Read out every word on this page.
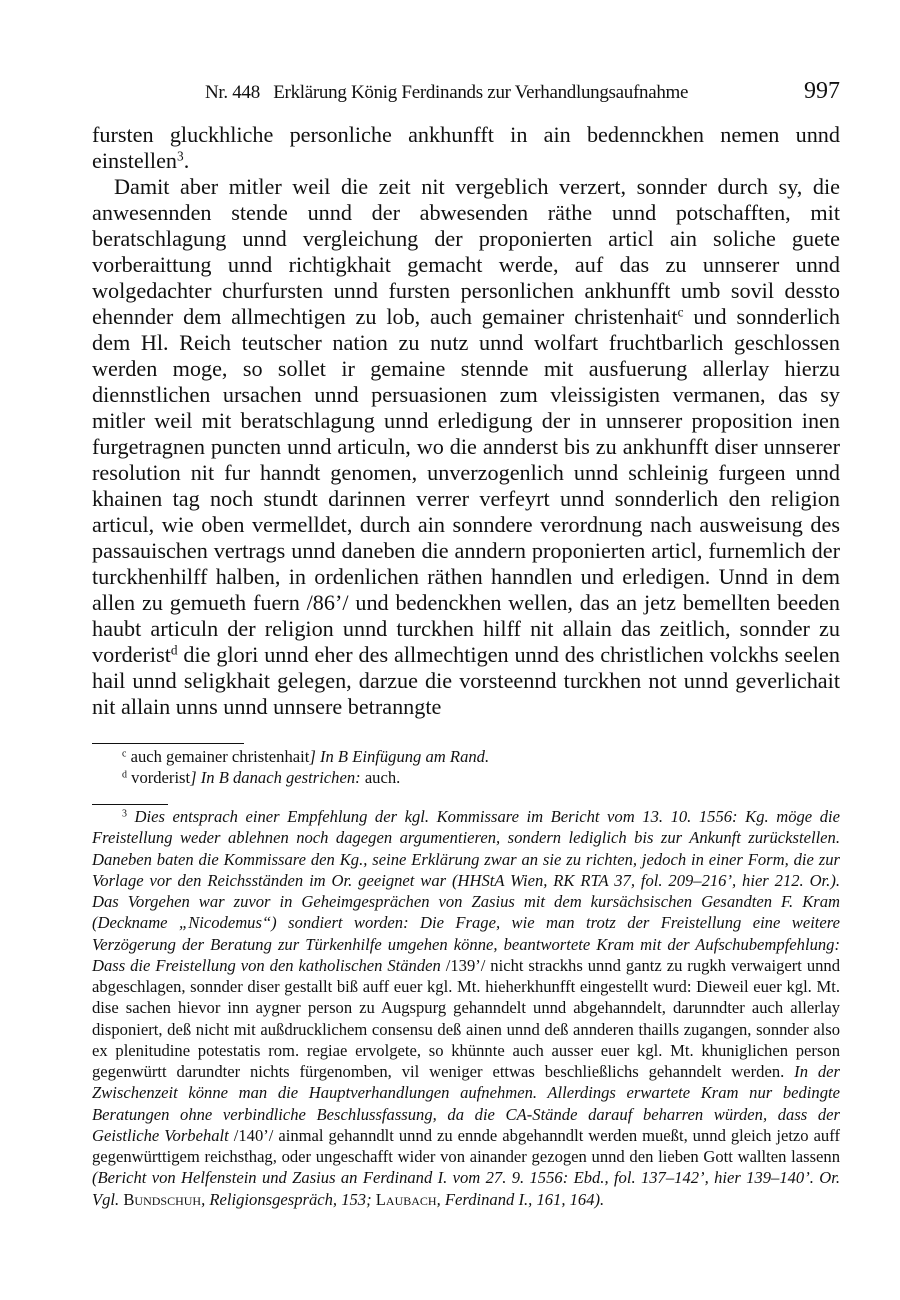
Nr. 448   Erklärung König Ferdinands zur Verhandlungsaufnahme	997

fursten gluckhliche personliche ankhunfft in ain bedennckhen nemen unnd einstellen$^3$.

Damit aber mitler weil die zeit nit vergeblich verzert, sonnder durch sy, die anwesennden stende unnd der abwesenden räthe unnd potschafften, mit beratschlagung unnd vergleichung der proponierten articl ain soliche guete vorberaittung unnd richtigkhait gemacht werde, auf das zu unnserer unnd wolgedachter churfursten unnd fursten personlichen ankhunfft umb sovil dessto ehennder dem allmechtigen zu lob, auch gemainer christenhait$^c$ und sonnderlich dem Hl. Reich teutscher nation zu nutz unnd wolfart fruchtbarlich geschlossen werden moge, so sollet ir gemaine stennde mit ausfuerung allerlay hierzu diennstlichen ursachen unnd persuasionen zum vleissigisten vermanen, das sy mitler weil mit beratschlagung unnd erledigung der in unnserer proposition inen furgetragnen puncten unnd articuln, wo die annderst bis zu ankhunfft diser unnserer resolution nit fur hanndt genomen, unverzogenlich unnd schleinig furgeen unnd khainen tag noch stundt darinnen verrer verfeyrt unnd sonnderlich den religion articul, wie oben vermelldet, durch ain sonndere verordnung nach ausweisung des passauischen vertrags unnd daneben die anndern proponierten articl, furnemlich der turckhenhilff halben, in ordenlichen räthen hanndlen und erledigen. Unnd in dem allen zu gemueth fuern /86’/ und bedenckhen wellen, das an jetz bemellten beeden haubt articuln der religion unnd turckhen hilff nit allain das zeitlich, sonnder zu vorderist$^d$ die glori unnd eher des allmechtigen unnd des christlichen volckhs seelen hail unnd seligkhait gelegen, darzue die vorsteennd turckhen not unnd geverlichait nit allain unns unnd unnsere betranngte

$^c$ auch gemainer christenhait] In B Einfügung am Rand.
$^d$ vorderist] In B danach gestrichen: auch.

$^3$ Dies entsprach einer Empfehlung der kgl. Kommissare im Bericht vom 13. 10. 1556: Kg. möge die Freistellung weder ablehnen noch dagegen argumentieren, sondern lediglich bis zur Ankunft zurückstellen. Daneben baten die Kommissare den Kg., seine Erklärung zwar an sie zu richten, jedoch in einer Form, die zur Vorlage vor den Reichsständen im Or. geeignet war (HHStA Wien, RK RTA 37, fol. 209–216’, hier 212. Or.). Das Vorgehen war zuvor in Geheimgesprächen von Zasius mit dem kursächsischen Gesandten F. Kram (Deckname „Nicodemus“) sondiert worden: Die Frage, wie man trotz der Freistellung eine weitere Verzögerung der Beratung zur Türkenhilfe umgehen könne, beantwortete Kram mit der Aufschubempfehlung: Dass die Freistellung von den katholischen Ständen /139’/ nicht strackhs unnd gantz zu rugkh verwaigert unnd abgeschlagen, sonnder diser gestallt biß auff euer kgl. Mt. hieherkhunfft eingestellt wurd: Dieweil euer kgl. Mt. dise sachen hievor inn aygner person zu Augspurg gehanndelt unnd abgehanndelt, darunndter auch allerlay disponiert, deß nicht mit außdrucklichem consensu deß ainen unnd deß annderen thaills zugangen, sonnder also ex plenitudine potestatis rom. regiae ervolgete, so khünnte auch ausser euer kgl. Mt. khuniglichen person gegenwürtt darundter nichts fürgenomben, vil weniger ettwas beschließlichs gehanndelt werden. In der Zwischenzeit könne man die Hauptverhandlungen aufnehmen. Allerdings erwartete Kram nur bedingte Beratungen ohne verbindliche Beschlussfassung, da die CA-Stände darauf beharren würden, dass der Geistliche Vorbehalt /140’/ ainmal gehanndlt unnd zu ennde abgehanndlt werden mueßt, unnd gleich jetzo auff gegenwürttigem reichsthag, oder ungeschafft wider von ainander gezogen unnd den lieben Gott wallten lassenn (Bericht von Helfenstein und Zasius an Ferdinand I. vom 27. 9. 1556: Ebd., fol. 137–142’, hier 139–140’. Or. Vgl. Bundschuh, Religionsgespräch, 153; Laubach, Ferdinand I., 161, 164).
